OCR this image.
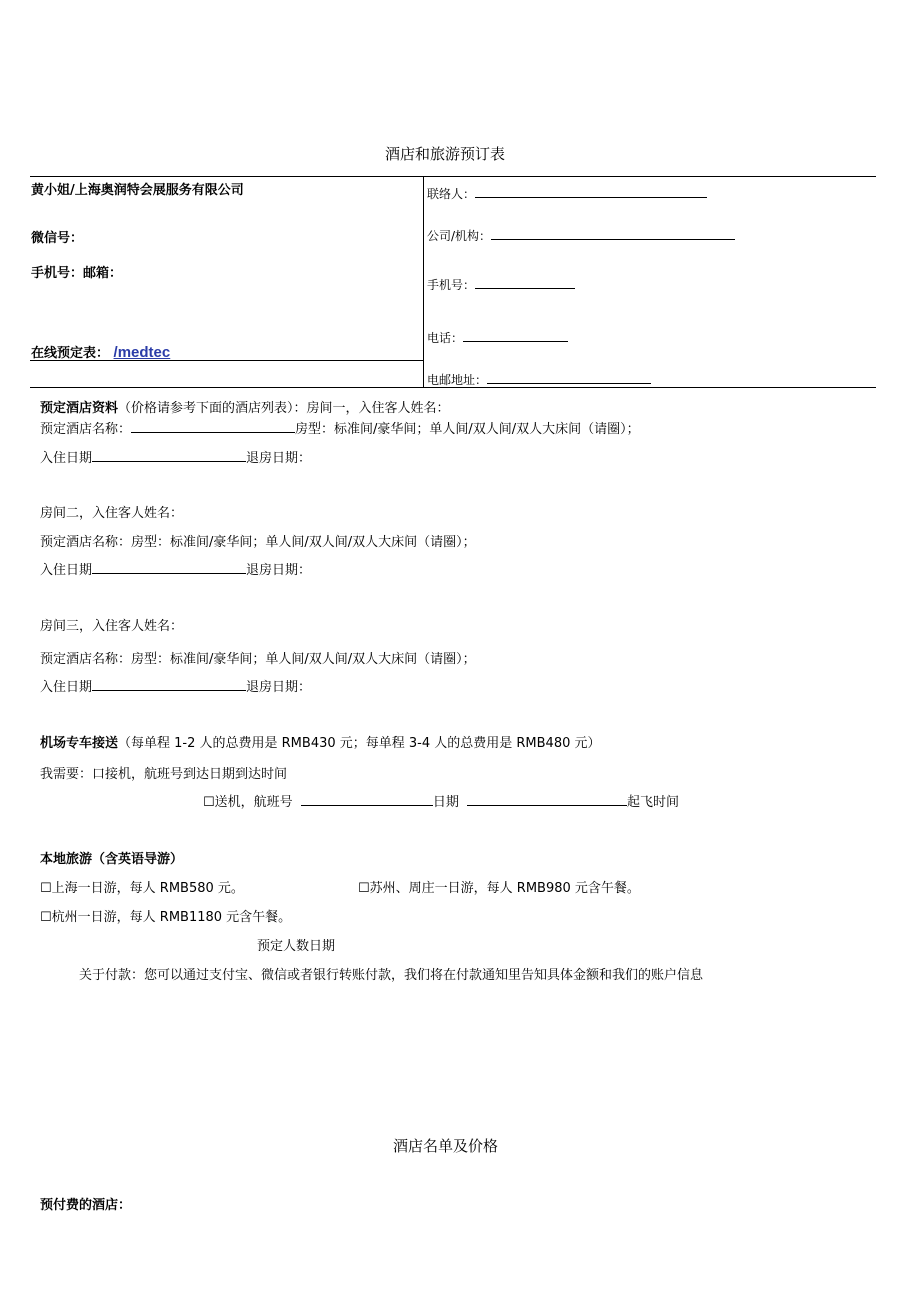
酒店和旅游预订表
黄小姐/上海奥润特会展服务有限公司
微信号：
手机号：邮箱：
在线预定表： /medtec
联络人：
公司/机构：
手机号：
电话：
电邮地址：
预定酒店资料（价格请参考下面的酒店列表）：房间一，入住客人姓名：
预定酒店名称：	房型：标准间/豪华间；单人间/双人间/双人大床间（请圈）；
入住日期	退房日期：
房间二，入住客人姓名：
预定酒店名称：房型：标准间/豪华间；单人间/双人间/双人大床间（请圈）；
入住日期	退房日期：
房间三，入住客人姓名：
预定酒店名称：房型：标准间/豪华间；单人间/双人间/双人大床间（请圈）；
入住日期	退房日期：
机场专车接送（每单程 1-2 人的总费用是 RMB430 元；每单程 3-4 人的总费用是 RMB480 元）
我需要：口接机，航班号到达日期到达时间
☐送机，航班号	日期	起飞时间
本地旅游（含英语导游）
☐上海一日游，每人 RMB580 元。	☐苏州、周庄一日游，每人 RMB980 元含午餐。
☐杭州一日游，每人 RMB1180 元含午餐。
预定人数日期
关于付款：您可以通过支付宝、微信或者银行转账付款，我们将在付款通知里告知具体金额和我们的账户信息
酒店名单及价格
预付费的酒店：
